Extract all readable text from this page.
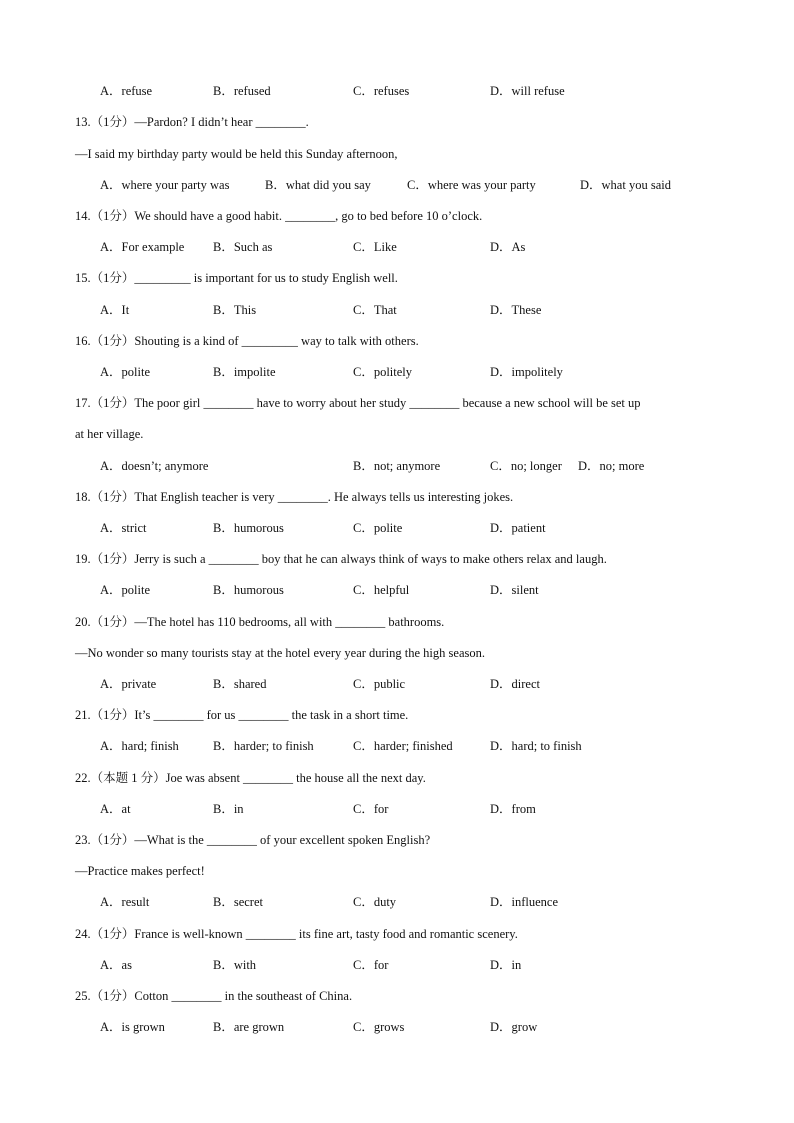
A．refuse	B．refused	C．refuses	D．will refuse
13.（1分）—Pardon? I didn’t hear ________.
—I said my birthday party would be held this Sunday afternoon,
A．where your party was	B．what did you say	C．where was your party	D．what you said
14.（1分）We should have a good habit. ________, go to bed before 10 o’clock.
A．For example B．Such as	C．Like	D．As
15.（1分）_________ is important for us to study English well.
A．It	B．This	C．That	D．These
16.（1分）Shouting is a kind of _________ way to talk with others.
A．polite	B．impolite	C．politely	D．impolitely
17.（1分）The poor girl ________ have to worry about her study ________ because a new school will be set up
at her village.
A．doesn’t; anymore	B．not; anymore	C．no; longer D．no; more
18.（1分）That English teacher is very ________. He always tells us interesting jokes.
A．strict	B．humorous	C．polite	D．patient
19.（1分）Jerry is such a ________ boy that he can always think of ways to make others relax and laugh.
A．polite	B．humorous	C．helpful	D．silent
20.（1分）—The hotel has 110 bedrooms, all with ________ bathrooms.
—No wonder so many tourists stay at the hotel every year during the high season.
A．private	B．shared	C．public	D．direct
21.（1分）It’s ________ for us ________ the task in a short time.
A．hard; finish	B．harder; to finish	C．harder; finished	D．hard; to finish
22.（本题 1 分）Joe was absent ________ the house all the next day.
A．at	B．in	C．for	D．from
23.（1分）—What is the ________ of your excellent spoken English?
—Practice makes perfect!
A．result	B．secret	C．duty	D．influence
24.（1分）France is well-known ________ its fine art, tasty food and romantic scenery.
A．as	B．with	C．for	D．in
25.（1分）Cotton ________ in the southeast of China.
A．is grown	B．are grown	C．grows	D．grow
